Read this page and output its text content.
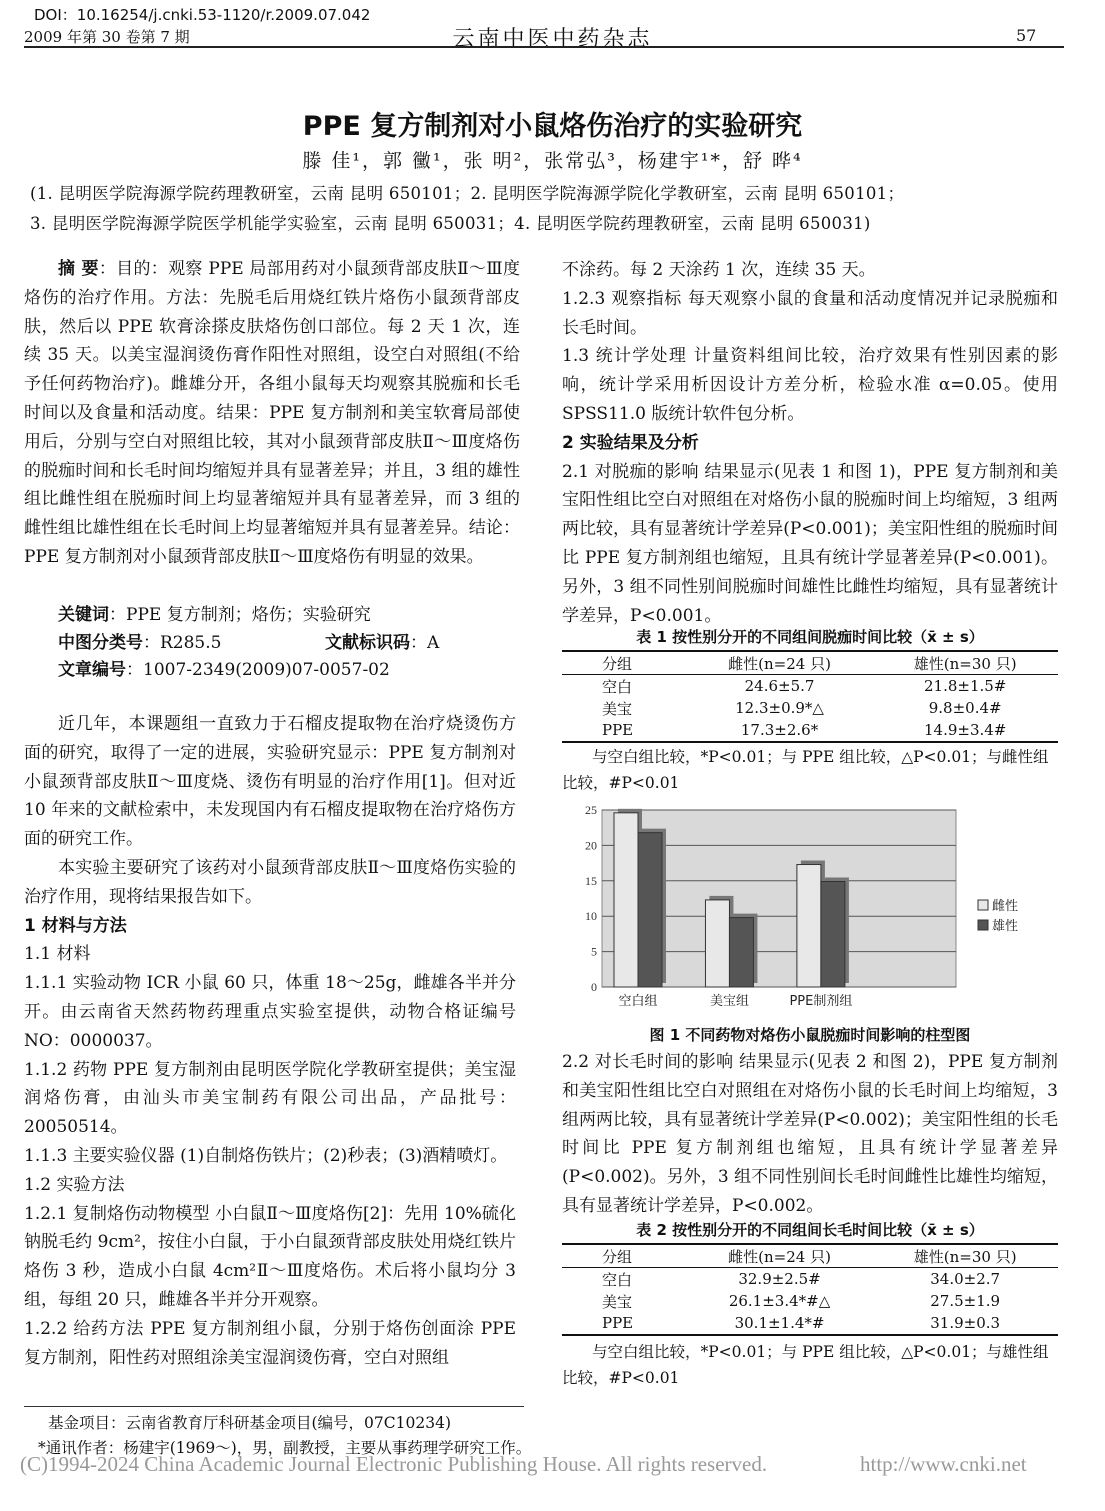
DOI：10.16254/j.cnki.53-1120/r.2009.07.042
2009 年第 30 卷第 7 期	云南中医中药杂志	57
PPE 复方制剂对小鼠烙伤治疗的实验研究
滕 佳¹，郭 黴¹，张 明²，张常弘³，杨建宇¹*，舒 晔⁴
(1. 昆明医学院海源学院药理教研室，云南 昆明 650101；2. 昆明医学院海源学院化学教研室，云南 昆明 650101；
3. 昆明医学院海源学院医学机能学实验室，云南 昆明 650031；4. 昆明医学院药理教研室，云南 昆明 650031)
摘 要：目的：观察 PPE 局部用药对小鼠颈背部皮肤Ⅱ～Ⅲ度烙伤的治疗作用。方法：先脱毛后用烧红铁片烙伤小鼠颈背部皮肤，然后以 PPE 软膏涂搽皮肤烙伤创口部位。每 2 天 1 次，连续 35 天。以美宝湿润烫伤膏作阳性对照组，设空白对照组(不给予任何药物治疗)。雌雄分开，各组小鼠每天均观察其脱痂和长毛时间以及食量和活动度。结果：PPE 复方制剂和美宝软膏局部使用后，分别与空白对照组比较，其对小鼠颈背部皮肤Ⅱ～Ⅲ度烙伤的脱痂时间和长毛时间均缩短并具有显著差异；并且，3 组的雄性组比雌性组在脱痂时间上均显著缩短并具有显著差异，而 3 组的雌性组比雄性组在长毛时间上均显著缩短并具有显著差异。结论：PPE 复方制剂对小鼠颈背部皮肤Ⅱ～Ⅲ度烙伤有明显的效果。
关键词：PPE 复方制剂；烙伤；实验研究
中图分类号：R285.5	文献标识码：A
文章编号：1007-2349(2009)07-0057-02
近几年，本课题组一直致力于石榴皮提取物在治疗烧烫伤方面的研究，取得了一定的进展，实验研究显示：PPE 复方制剂对小鼠颈背部皮肤Ⅱ～Ⅲ度烧、烫伤有明显的治疗作用[1]。但对近 10 年来的文献检索中，未发现国内有石榴皮提取物在治疗烙伤方面的研究工作。
本实验主要研究了该药对小鼠颈背部皮肤Ⅱ～Ⅲ度烙伤实验的治疗作用，现将结果报告如下。
1 材料与方法
1.1 材料
1.1.1 实验动物 ICR 小鼠 60 只，体重 18～25g，雌雄各半并分开。由云南省天然药物药理重点实验室提供，动物合格证编号 NO：0000037。
1.1.2 药物 PPE 复方制剂由昆明医学院化学教研室提供；美宝湿润烙伤膏，由汕头市美宝制药有限公司出品，产品批号：20050514。
1.1.3 主要实验仪器 (1)自制烙伤铁片；(2)秒表；(3)酒精喷灯。
1.2 实验方法
1.2.1 复制烙伤动物模型 小白鼠Ⅱ～Ⅲ度烙伤[2]：先用 10%硫化钠脱毛约 9cm²，按住小白鼠，于小白鼠颈背部皮肤处用烧红铁片烙伤 3 秒，造成小白鼠 4cm²Ⅱ～Ⅲ度烙伤。术后将小鼠均分 3 组，每组 20 只，雌雄各半并分开观察。
1.2.2 给药方法 PPE 复方制剂组小鼠，分别于烙伤创面涂 PPE 复方制剂，阳性药对照组涂美宝湿润烫伤膏，空白对照组
不涂药。每 2 天涂药 1 次，连续 35 天。
1.2.3 观察指标 每天观察小鼠的食量和活动度情况并记录脱痂和长毛时间。
1.3 统计学处理 计量资料组间比较，治疗效果有性别因素的影响，统计学采用析因设计方差分析，检验水准 α=0.05。使用 SPSS11.0 版统计软件包分析。
2 实验结果及分析
2.1 对脱痂的影响 结果显示(见表 1 和图 1)，PPE 复方制剂和美宝阳性组比空白对照组在对烙伤小鼠的脱痂时间上均缩短，3 组两两比较，具有显著统计学差异(P<0.001)；美宝阳性组的脱痂时间比 PPE 复方制剂组也缩短，且具有统计学显著差异(P<0.001)。另外，3 组不同性别间脱痂时间雄性比雌性均缩短，具有显著统计学差异，P<0.001。
表 1 按性别分开的不同组间脱痂时间比较（x̄ ± s）
分组	雌性(n=24 只)	雄性(n=30 只)
空白	24.6±5.7	21.8±1.5#
美宝	12.3±0.9*△	9.8±0.4#
PPE	17.3±2.6*	14.9±3.4#
与空白组比较，*P<0.01；与 PPE 组比较，△P<0.01；与雌性组比较，#P<0.01
0
5
10
15
20
25
空白组	美宝组	PPE制剂组
雌性
雄性
图 1 不同药物对烙伤小鼠脱痂时间影响的柱型图
2.2 对长毛时间的影响 结果显示(见表 2 和图 2)，PPE 复方制剂和美宝阳性组比空白对照组在对烙伤小鼠的长毛时间上均缩短，3 组两两比较，具有显著统计学差异(P<0.002)；美宝阳性组的长毛时间比 PPE 复方制剂组也缩短，且具有统计学显著差异(P<0.002)。另外，3 组不同性别间长毛时间雌性比雄性均缩短，具有显著统计学差异，P<0.002。
表 2 按性别分开的不同组间长毛时间比较（x̄ ± s）
分组	雌性(n=24 只)	雄性(n=30 只)
空白	32.9±2.5#	34.0±2.7
美宝	26.1±3.4*#△	27.5±1.9
PPE	30.1±1.4*#	31.9±0.3
与空白组比较，*P<0.01；与 PPE 组比较，△P<0.01；与雄性组比较，#P<0.01
基金项目：云南省教育厅科研基金项目(编号，07C10234)
*通讯作者：杨建宇(1969～)，男，副教授，主要从事药理学研究工作。
(C)1994-2024 China Academic Journal Electronic Publishing House. All rights reserved.	http://www.cnki.net
